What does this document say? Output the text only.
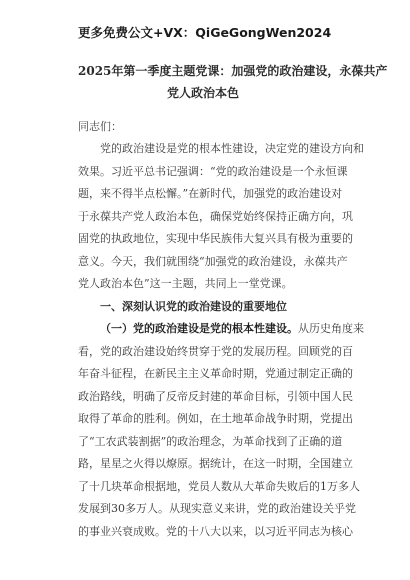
更多免费公文+VX：QiGeGongWen2024
2025年第一季度主题党课：加强党的政治建设，永葆共产
党人政治本色
同志们：
党的政治建设是党的根本性建设，决定党的建设方向和
效果。习近平总书记强调：“党的政治建设是一个永恒课
题，来不得半点松懈。”在新时代，加强党的政治建设对
于永葆共产党人政治本色，确保党始终保持正确方向，巩
固党的执政地位，实现中华民族伟大复兴具有极为重要的
意义。今天，我们就围绕“加强党的政治建设，永葆共产
党人政治本色”这一主题，共同上一堂党课。
一、深刻认识党的政治建设的重要地位
（一）党的政治建设是党的根本性建设。从历史角度来
看，党的政治建设始终贯穿于党的发展历程。回顾党的百
年奋斗征程，在新民主主义革命时期，党通过制定正确的
政治路线，明确了反帝反封建的革命目标，引领中国人民
取得了革命的胜利。例如，在土地革命战争时期，党提出
了“工农武装割据”的政治理念，为革命找到了正确的道
路，星星之火得以燎原。据统计，在这一时期，全国建立
了十几块革命根据地，党员人数从大革命失败后的1万多人
发展到30多万人。从现实意义来讲，党的政治建设关乎党
的事业兴衰成败。党的十八大以来，以习近平同志为核心
